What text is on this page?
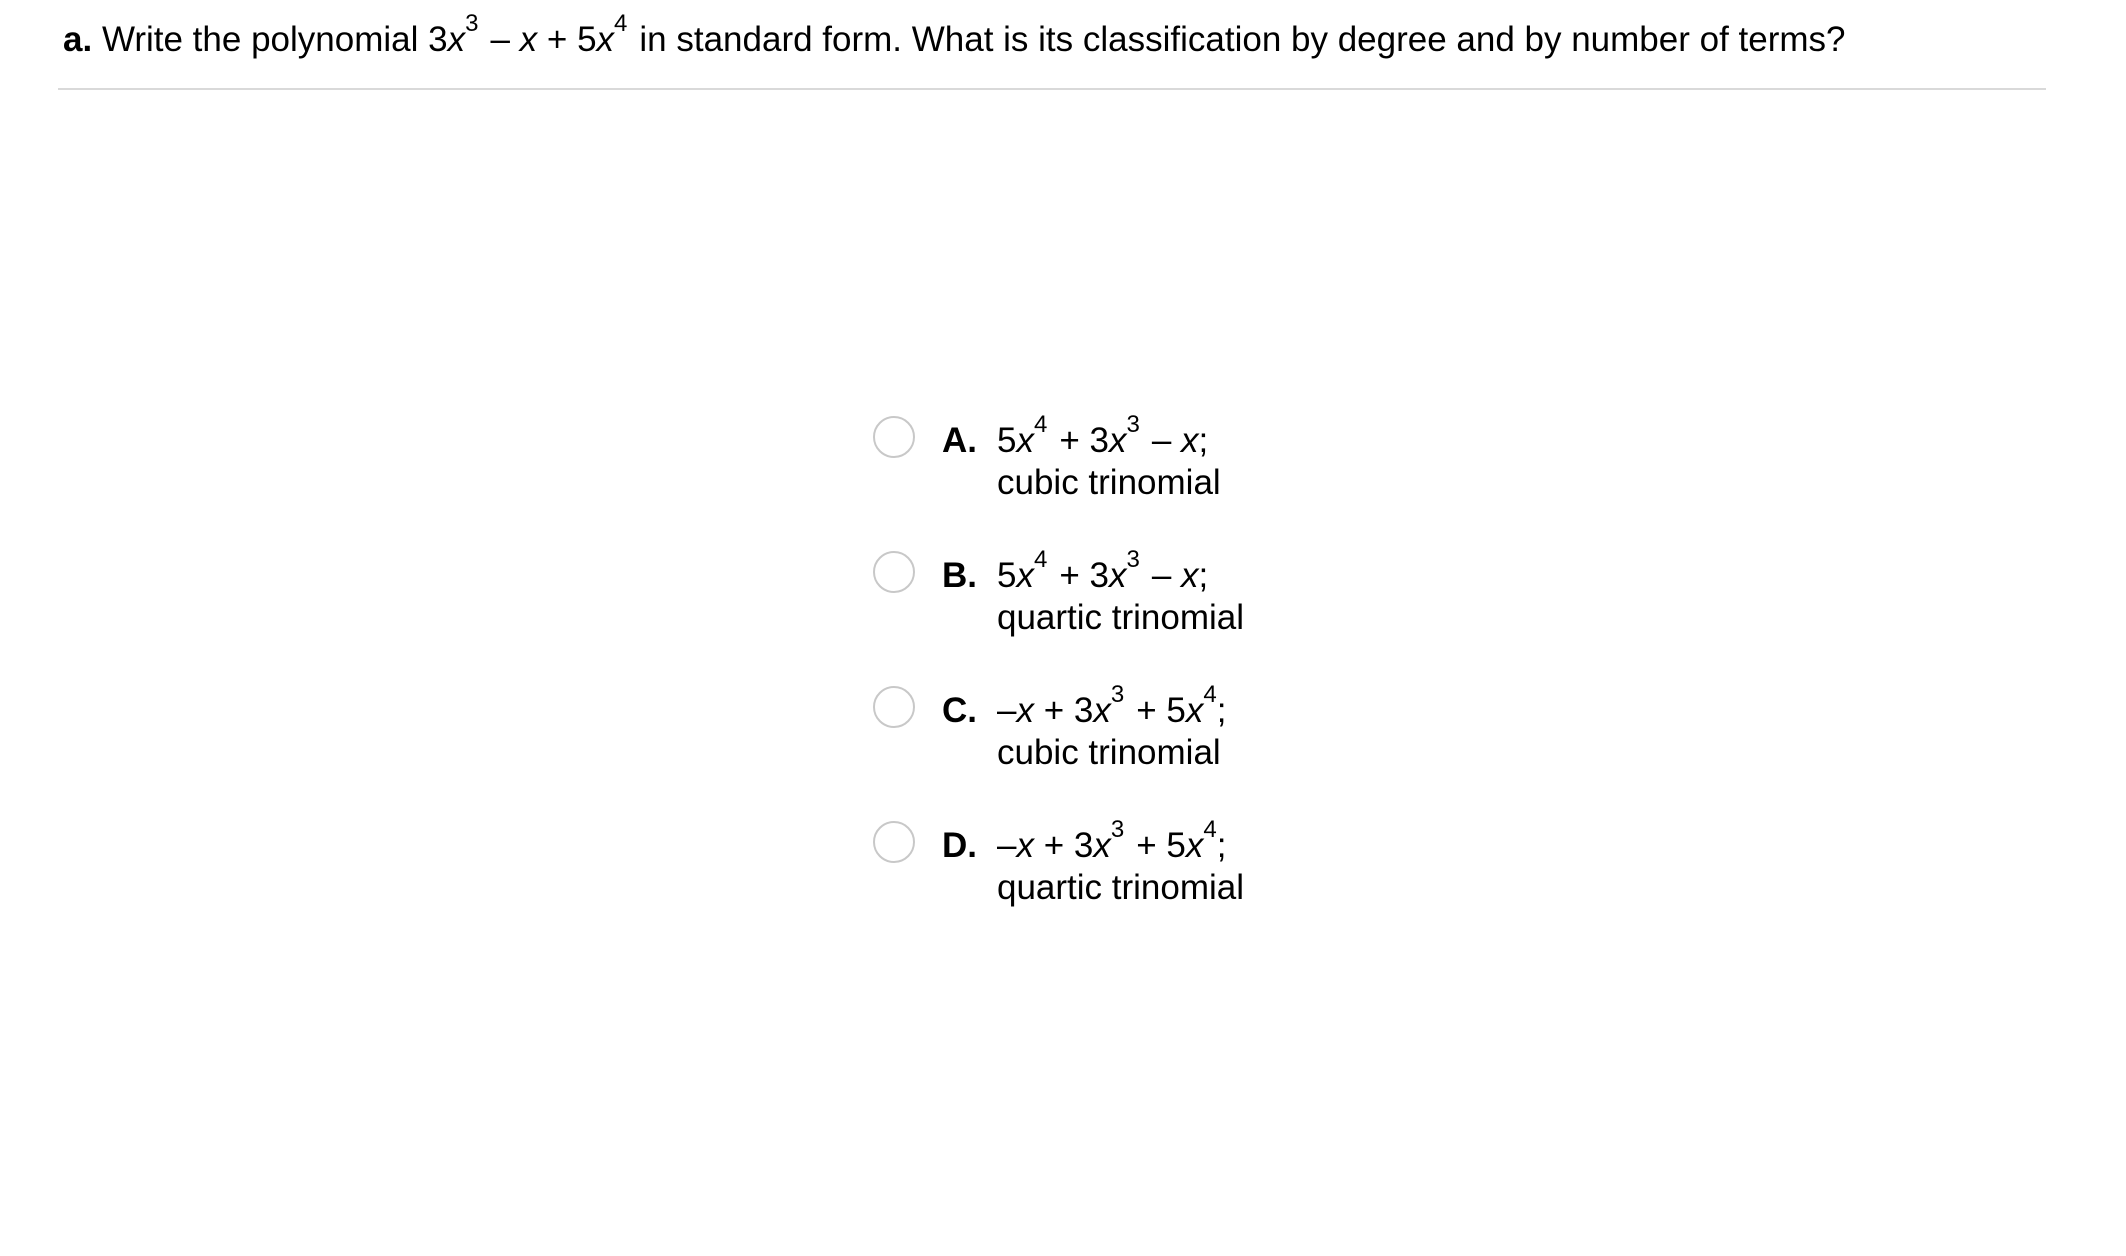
a. Write the polynomial $3x^3 - x + 5x^4$ in standard form. What is its classification by degree and by number of terms?
A. $5x^4 + 3x^3 - x$;
cubic trinomial
B. $5x^4 + 3x^3 - x$;
quartic trinomial
C. $-x + 3x^3 + 5x^4$;
cubic trinomial
D. $-x + 3x^3 + 5x^4$;
quartic trinomial
